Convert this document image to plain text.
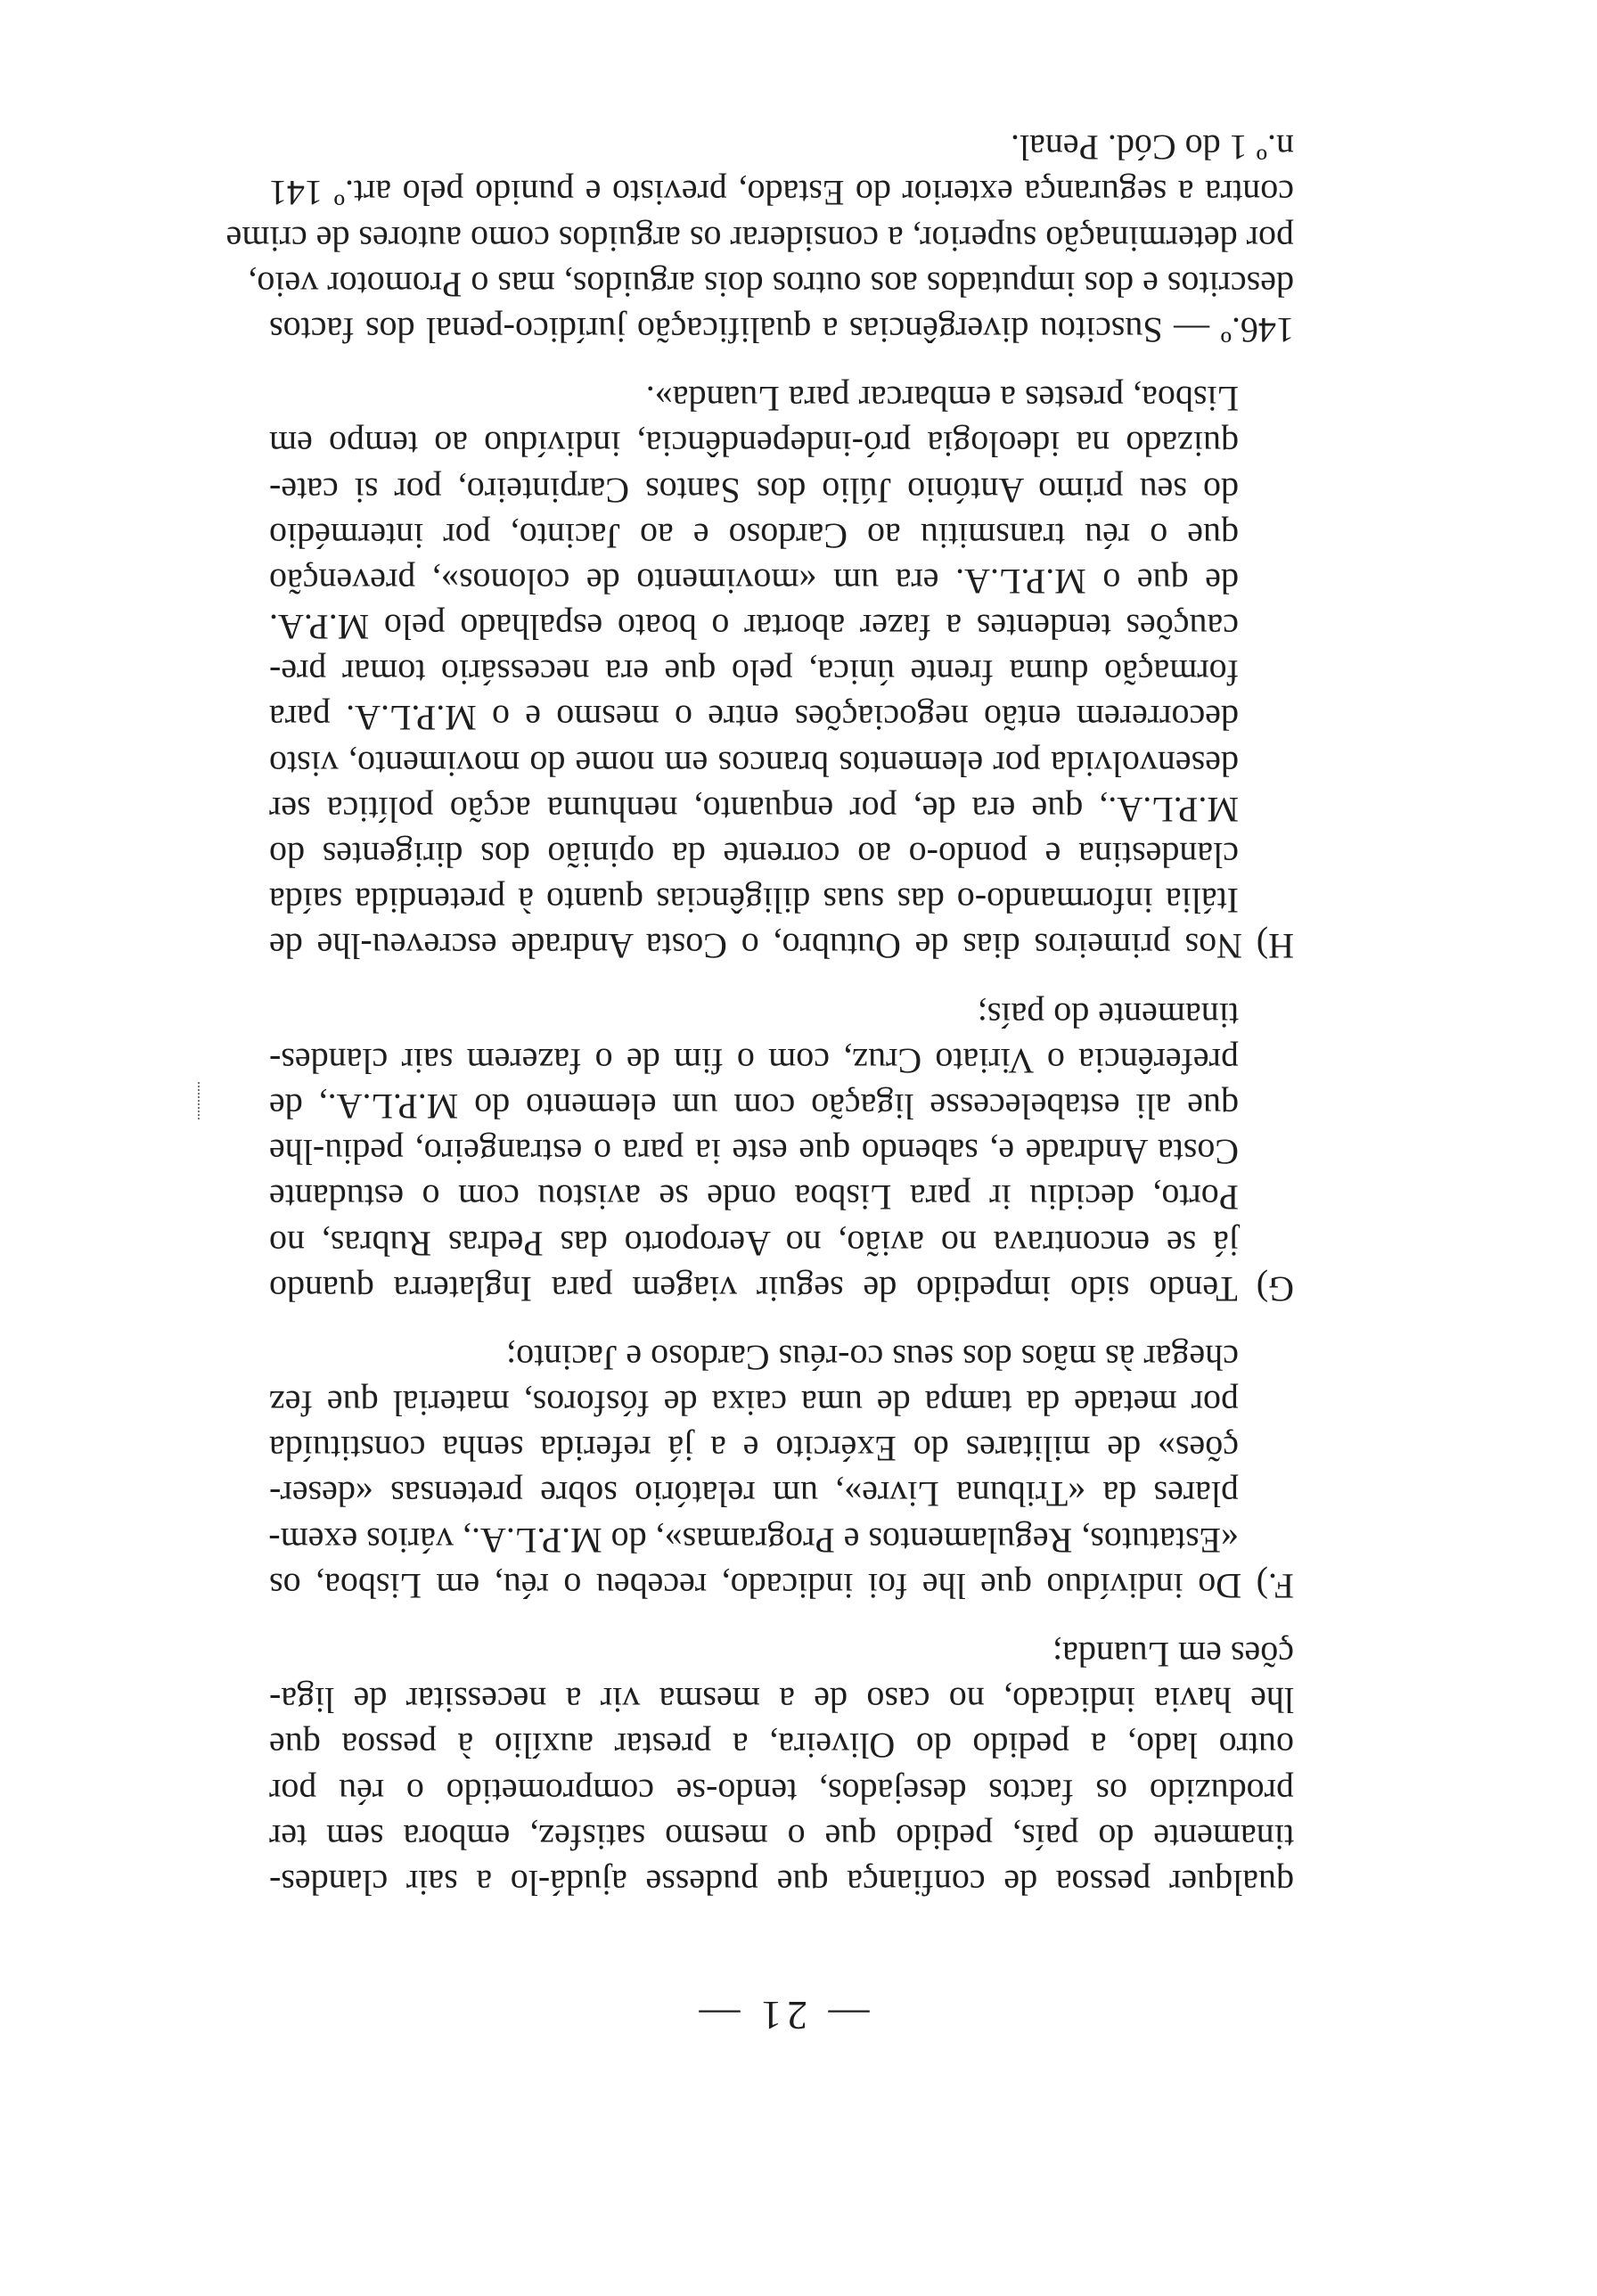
— 21 —
qualquer pessoa de confiança que pudesse ajudá-lo a sair clandes-
tinamente do país, pedido que o mesmo satisfez, embora sem ter
produzido os factos desejados, tendo-se comprometido o réu por
outro lado, a pedido do Oliveira, a prestar auxílio à pessoa que
lhe havia indicado, no caso de a mesma vir a necessitar de liga-
ções em Luanda;
F.) Do indivíduo que lhe foi indicado, recebeu o réu, em Lisboa, os
«Estatutos, Regulamentos e Programas», do M.P.L.A., vários exem-
plares da «Tribuna Livre», um relatório sobre pretensas «deser-
ções» de militares do Exército e a já referida senha constituída
por metade da tampa de uma caixa de fósforos, material que fez
chegar às mãos dos seus co-réus Cardoso e Jacinto;
G) Tendo sido impedido de seguir viagem para Inglaterra quando
já se encontrava no avião, no Aeroporto das Pedras Rubras, no
Porto, decidiu ir para Lisboa onde se avistou com o estudante
Costa Andrade e, sabendo que este ia para o estrangeiro, pediu-lhe
que ali estabelecesse ligação com um elemento do M.P.L.A., de
preferência o Viriato Cruz, com o fim de o fazerem sair clandes-
tinamente do país;
H) Nos primeiros dias de Outubro, o Costa Andrade escreveu-lhe de
Itália informando-o das suas diligências quanto à pretendida saída
clandestina e pondo-o ao corrente da opinião dos dirigentes do
M.P.L.A., que era de, por enquanto, nenhuma acção política ser
desenvolvida por elementos brancos em nome do movimento, visto
decorrerem então negociações entre o mesmo e o M.P.L.A. para
formação duma frente única, pelo que era necessário tomar pre-
cauções tendentes a fazer abortar o boato espalhado pelo M.P.A.
de que o M.P.L.A. era um «movimento de colonos», prevenção
que o réu transmitiu ao Cardoso e ao Jacinto, por intermédio
do seu primo António Júlio dos Santos Carpinteiro, por si cate-
quizado na ideologia pró-independência, indivíduo ao tempo em
Lisboa, prestes a embarcar para Luanda».
146.º — Suscitou divergências a qualificação jurídico-penal dos factos
descritos e dos imputados aos outros dois arguidos, mas o Promotor veio,
por determinação superior, a considerar os arguidos como autores de crime
contra a segurança exterior do Estado, previsto e punido pelo art.º 141
n.º 1 do Cód. Penal.
